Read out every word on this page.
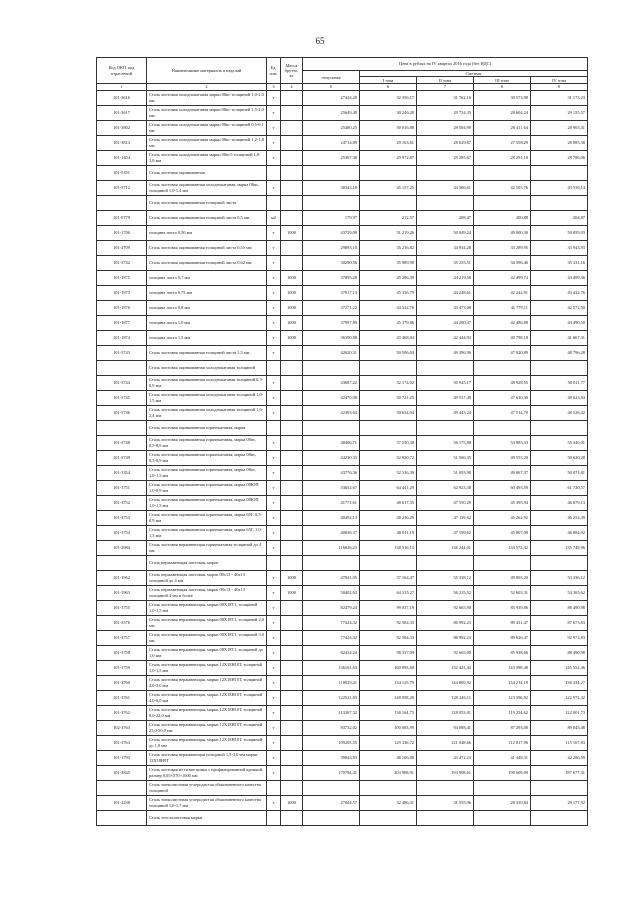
65
Код ОКП, код отраслевой	Наименование материалов и изделий	Ед. изм.	Масса брутто, кг	Цена в рублях на IV квартал 2016 года (без НДС)				
				отпускная	Сметная			
					I зона	II зона	III зона	IV зона
1	2	3	4	5	6	7	8	9
101-3616	Сталь листовая холоднокатаная марки 08пс толщиной 1,0-2,0 мм	т		27424,28	32 356,17	31 762,16	30 573,98	31 173,23
101-3617	Сталь листовая холоднокатаная марки 08пс толщиной 1,5-2,0 мм	т		25649,40	30 246,28	29 734,35	28 604,24	29 155,57
101-3802	Сталь листовая холоднокатаная марки 08пс толщиной 0,5-0,1 мм	т		25480,25	30 016,88	29 504,99	28 411,64	28 965,31
101-3813	Сталь листовая холоднокатаная марки 08пс толщиной 1,2-1,8 мм	т		24714,89	29 163,61	28 629,67	27 558,29	28 085,38
101-1404	Сталь листовая холоднокатаная марки 08пс5 толщиной 1,0-3,0 мм	т		25367,38	29 972,87	29 285,67	28 291,10	28 786,06
101-5351	Сталь листовая оцинкованная							
101-3712	Сталь листовая оцинкованная холоднокатаная, марка 08пс, толщиной 1,0-1,4 мм	т		38343,18	45 157,25	44 306,61	42 503,76	43 539,14
	Сталь листовая оцинкованная толщиной листа							
101-0779	Сталь листовая оцинкованная толщиной листа 0,5 мм	м2		179,97	212,57	208,47	200,88	204,87
101-1706	толщина листа 0,50 мм	т	1000	43729,09	51 219,26	50 049,24	49 000,30	50 059,03
101-2709	Сталь листовая оцинкованная толщиной листа 0,55 мм	т		29893,10	35 216,82	34 934,28	33 289,95	33 943,93
101-3742	Сталь листовая оцинкованная толщиной листа 0,62 мм	т		30290,56	35 989,98	35 255,51	34 396,46	35 331,16
101-1875	толщина листа 0,7 мм	т	1000	37895,28	45 286,39	44 219,58	42 499,74	43 499,36
101-1873	толщина листа 0,75 мм	т	1000	37917,13	45 336,79	44 248,61	42 242,91	43 432,76
101-1876	толщина листа 0,8 мм	т	1000	37271,22	44 522,76	43 473,08	41 779,11	42 572,50
101-1877	толщина листа 1,0 мм	т	1000	37997,89	45 379,86	44 280,47	42 486,88	43 490,50
101-1874	толщина листа 1,5 мм	т	1000	36390,88	43 468,84	42 444,93	40 798,18	41 667,31
101-3743	Сталь листовая оцинкованная толщиной листа 1,5 мм	т		42620,31	50 506,04	49 396,96	47 820,89	48 796,28
	Сталь листовая оцинкованная холоднокатаная толщиной							
101-3744	Сталь листовая оцинкованная холоднокатаная толщиной 0,5-0,9 мм	т		43687,22	52 174,02	50 945,17	48 928,55	50 011,77
101-3745	Сталь листовая оцинкованная холоднокатаная толщиной 1,0-1,5 мм	т		42470,08	50 721,25	49 537,49	47 610,30	48 623,94
101-3746	Сталь листовая оцинкованная холоднокатаная толщиной 1,6-2,4 мм	т		42393,64	50 634,94	49 443,24	47 514,70	48 526,42
	Сталь листовая оцинкованная горячекатаная, марка							
101-3748	Сталь листовая оцинкованная горячекатаная, марка 08пс, 0,5-0,9 мм	т		48466,71	57 550,30	56 175,88	53 985,33	55 346,01
101-3749	Сталь листовая оцинкованная горячекатаная, марка 08пс, 0,5-0,9 мм	т		44230,33	52 920,72	51 566,35	49 553,29	50 620,28
101-3354	Сталь листовая оцинкованная горячекатаная, марка 08пс, 1,0-1,5 мм	т		43776,36	52 336,39	51 093,98	49 067,37	50 071,81
101-3751	Сталь листовая оцинкованная горячекатаная, марка 08ЮП 1,0-0,9 мм	т		53652,67	64 441,29	62 923,38	60 493,59	61 720,57
101-3752	Сталь листовая оцинкованная горячекатаная, марка 08ЮП 1,0-1,5 мм	т		41771,61	48 617,35	47 550,29	45 395,94	46 679,13
101-3753	Сталь листовая оцинкованная горячекатаная, марка 65Г, 0,5-0,9 мм	т		40492,13	48 236,29	47 119,62	45 262,92	46 254,39
101-3754	Сталь листовая оцинкованная горячекатаная, марка 65Г, 1,0-1,5 мм	т		40036,37	48 011,19	47 199,62	45 807,09	46 084,92
101-2984	Сталь листовая нержавеющая горячекатаная толщиной до 4 мм	т		116826,23	138 516,13	136 244,01	134 572,42	135 749,96
	Сталь нержавеющая листовая, марок							
101-1962	Сталь нержавеющая листовая, марок 08х13 - 40х13 толщиной до 4 мм	т	1000	47841,05	57 164,47	55 338,12	49 803,20	53 336,12
101-1963	Сталь нержавеющая листовая, марок 08х13 - 40х13 толщиной 4 мм и более	т	1000	50402,63	64 315,27	56 215,52	52 603,31	54 365,62
101-3755	Сталь листовая нержавеющая, марки 08Х18Т1, толщиной 1,0-1,5 мм	т		82479,24	99 037,19	92 665,90	85 939,86	88 490,98
101-3576	Сталь листовая нержавеющая, марки 08Х18Т1, толщиной 2,0 мм	т		77424,32	92 584,33	86 992,23	89 431,47	87 673,83
101-3757	Сталь листовая нержавеющая, марки 08Х18Т1, толщиной 3,0 мм	т		77424,32	92 584,33	86 992,23	89 626,47	92 972,83
101-3758	Сталь листовая нержавеющая, марки 08Х18Т1, толщиной до 1,0 мм	т		82434,24	98 337,09	92 665,00	85 938,66	88 490,98
101-3759	Сталь листовая нержавеющая, марки 12Х18Н10Т, толщиной 1,0-1,5 мм	т		136161,63	160 093,60	152 423,43	143 398,48	145 552,46
101-3760	Сталь листовая нержавеющая, марки 12Х18Н10Т, толщиной 2,0-3,0 мм	т		118029,21	134 125,79	144 869,92	134 214,19	136 334,27
101-3761	Сталь листовая нержавеющая, марки 12Х18Н10Т, толщиной 4,0-6,0 мм	т		122521,83	148 058,20	129 246,11	123 396,92	122 972,42
101-3762	Сталь листовая нержавеющая, марки 12Х18Н10Т, толщиной 8,0-22,0 мм	т		113367,32	136 164,73	128 053,01	119 254,62	122 001,73
102-3763	Сталь листовая нержавеющая, марки 12Х18Н10Т, толщиной 25,0-50,0 мм	т		83732,02	100 083,99	94 088,41	87 293,08	89 845,48
101-3763	Сталь листовая нержавеющая, марки 12Х18Н10Т, толщиной до 1,0 мм	т		109205,55	129 336,72	121 048,66	112 817,96	115 167,83
101-1793	Сталь листовая нержавеющая толщиной 1,5-3,0 мм марки 12Х18Н9Т	т		39843,83	46 106,00	43 472,23	41 448,31	42 286,59
101-3845	Сталь листовая из титан-цинка с профилированной кромкой, размер 0,65×570×1000 мм	т		170784,41	203 908,91	194 908,61	190 609,09	187 677,31
	Сталь тонколистовая углеродистая обыкновенного качества толщиной							
101-2238	Сталь тонколистовая углеродистая обыкновенного качества толщиной 1,0-1,7 мм	т	1000	27044,57	32 486,31	31 555,96	28 339,84	29 177,92
	Сталь толстолистовая марки							
